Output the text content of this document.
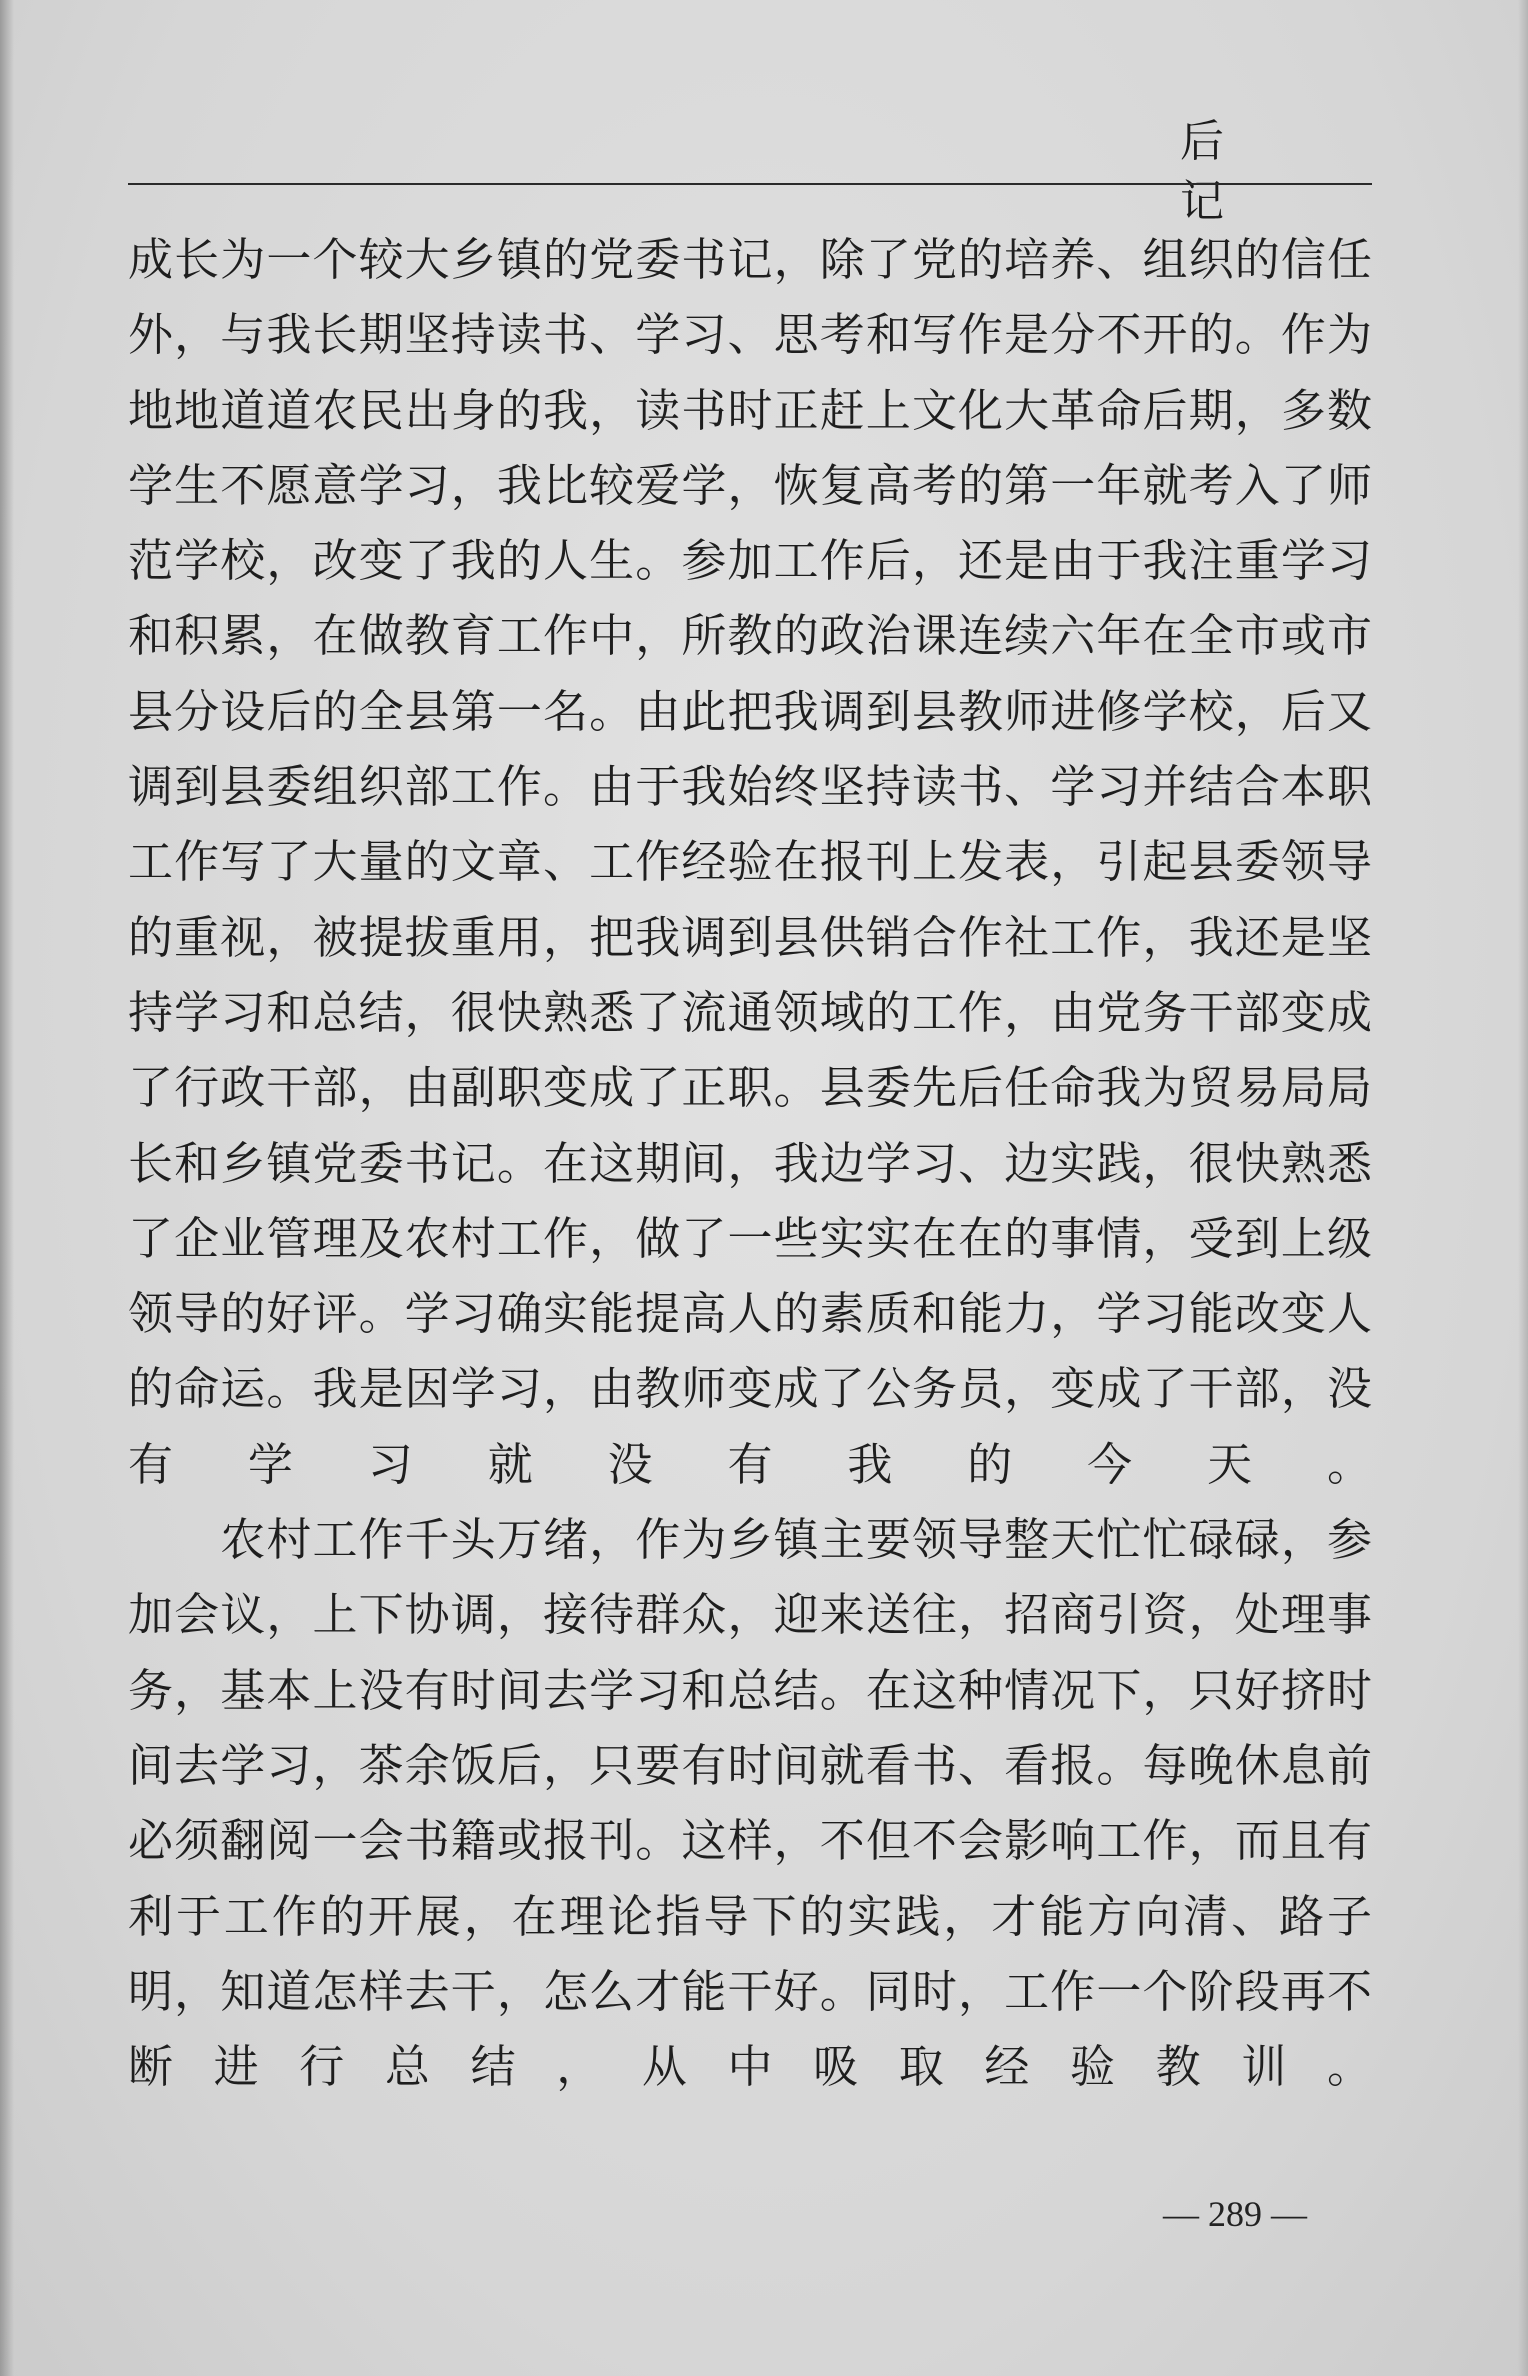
后 记

成长为一个较大乡镇的党委书记，除了党的培养、组织的信任外，与我长期坚持读书、学习、思考和写作是分不开的。作为地地道道农民出身的我，读书时正赶上文化大革命后期，多数学生不愿意学习，我比较爱学，恢复高考的第一年就考入了师范学校，改变了我的人生。参加工作后，还是由于我注重学习和积累，在做教育工作中，所教的政治课连续六年在全市或市县分设后的全县第一名。由此把我调到县教师进修学校，后又调到县委组织部工作。由于我始终坚持读书、学习并结合本职工作写了大量的文章、工作经验在报刊上发表，引起县委领导的重视，被提拔重用，把我调到县供销合作社工作，我还是坚持学习和总结，很快熟悉了流通领域的工作，由党务干部变成了行政干部，由副职变成了正职。县委先后任命我为贸易局局长和乡镇党委书记。在这期间，我边学习、边实践，很快熟悉了企业管理及农村工作，做了一些实实在在的事情，受到上级领导的好评。学习确实能提高人的素质和能力，学习能改变人的命运。我是因学习，由教师变成了公务员，变成了干部，没有学习就没有我的今天。

　　农村工作千头万绪，作为乡镇主要领导整天忙忙碌碌，参加会议，上下协调，接待群众，迎来送往，招商引资，处理事务，基本上没有时间去学习和总结。在这种情况下，只好挤时间去学习，茶余饭后，只要有时间就看书、看报。每晚休息前必须翻阅一会书籍或报刊。这样，不但不会影响工作，而且有利于工作的开展，在理论指导下的实践，才能方向清、路子明，知道怎样去干，怎么才能干好。同时，工作一个阶段再不断进行总结，从中吸取经验教训。

— 289 —
